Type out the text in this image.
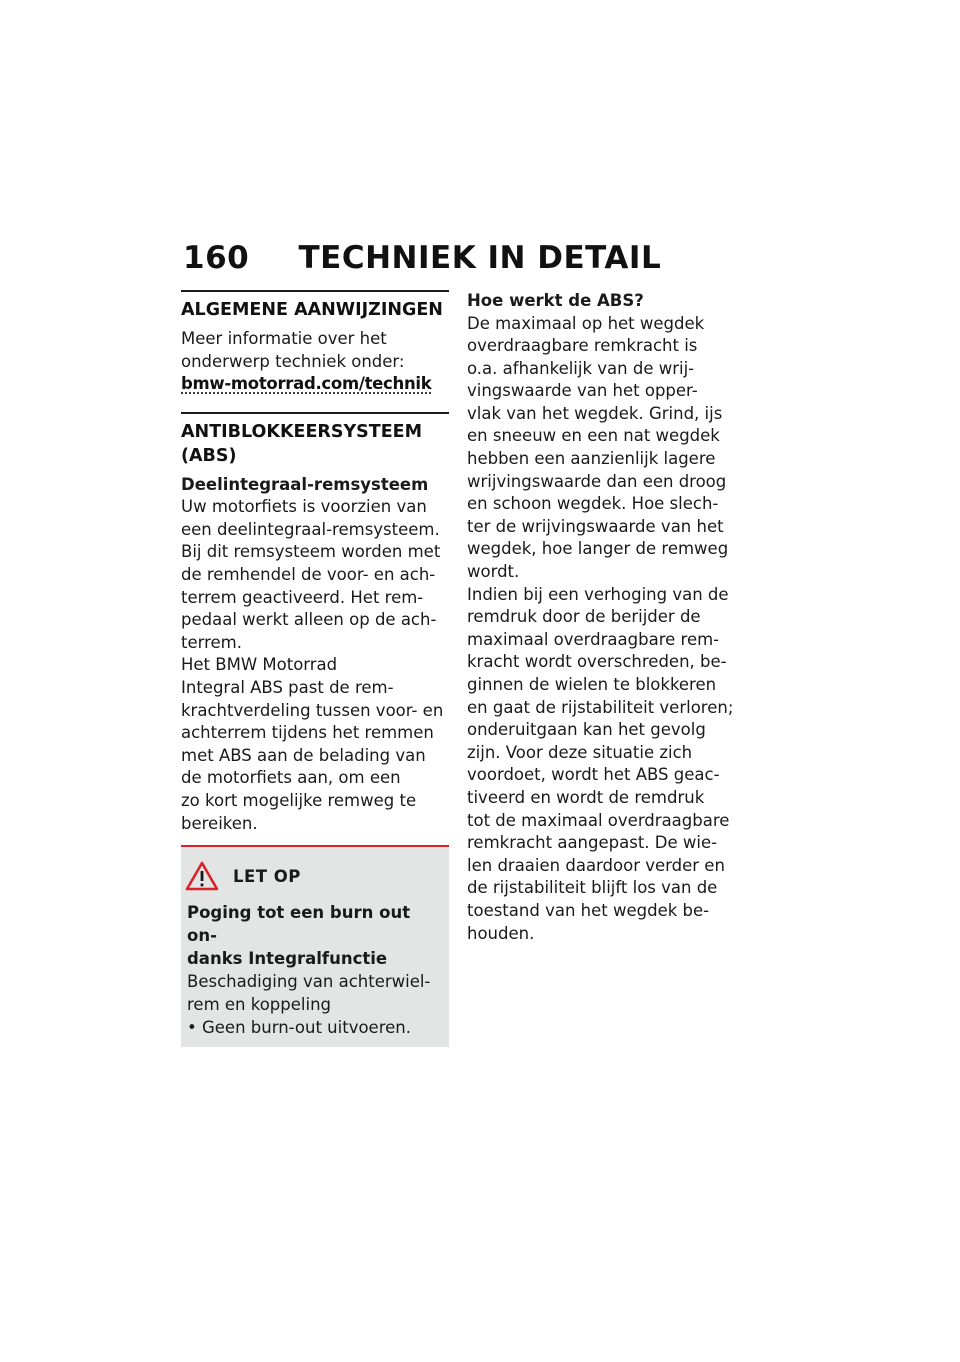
160 TECHNIEK IN DETAIL
ALGEMENE AANWIJZINGEN

Meer informatie over het
onderwerp techniek onder:

bmw-motorrad.com/technik
ANTIBLOKKEERSYSTEEM
(ABS)

Deelintegraal-remsysteem

Uw motorfiets is voorzien van
een deelintegraal-remsysteem.
Bij dit remsysteem worden met
de remhendel de voor- en ach-
terrem geactiveerd. Het rem-
pedaal werkt alleen op de ach-
terrem.

Het BMW Motorrad
Integral ABS past de rem-
krachtverdeling tussen voor- en
achterrem tijdens het remmen
met ABS aan de belading van
de motorfiets aan, om een
zo kort mogelijke remweg te
bereiken.

LET OP

Poging tot een burn out on-
danks Integralfunctie

Beschadiging van achterwiel-
rem en koppeling

• Geen burn-out uitvoeren.

Hoe werkt de ABS?

De maximaal op het wegdek
overdraagbare remkracht is
o.a. afhankelijk van de wrij-
vingswaarde van het opper-
vlak van het wegdek. Grind, ijs
en sneeuw en een nat wegdek
hebben een aanzienlijk lagere
wrijvingswaarde dan een droog
en schoon wegdek. Hoe slech-
ter de wrijvingswaarde van het
wegdek, hoe langer de remweg
wordt.

Indien bij een verhoging van de
remdruk door de berijder de
maximaal overdraagbare rem-
kracht wordt overschreden, be-
ginnen de wielen te blokkeren
en gaat de rijstabiliteit verloren;
onderuitgaan kan het gevolg
zijn. Voor deze situatie zich
voordoet, wordt het ABS geac-
tiveerd en wordt de remdruk
tot de maximaal overdraagbare
remkracht aangepast. De wie-
len draaien daardoor verder en
de rijstabiliteit blijft los van de
toestand van het wegdek be-
houden.
